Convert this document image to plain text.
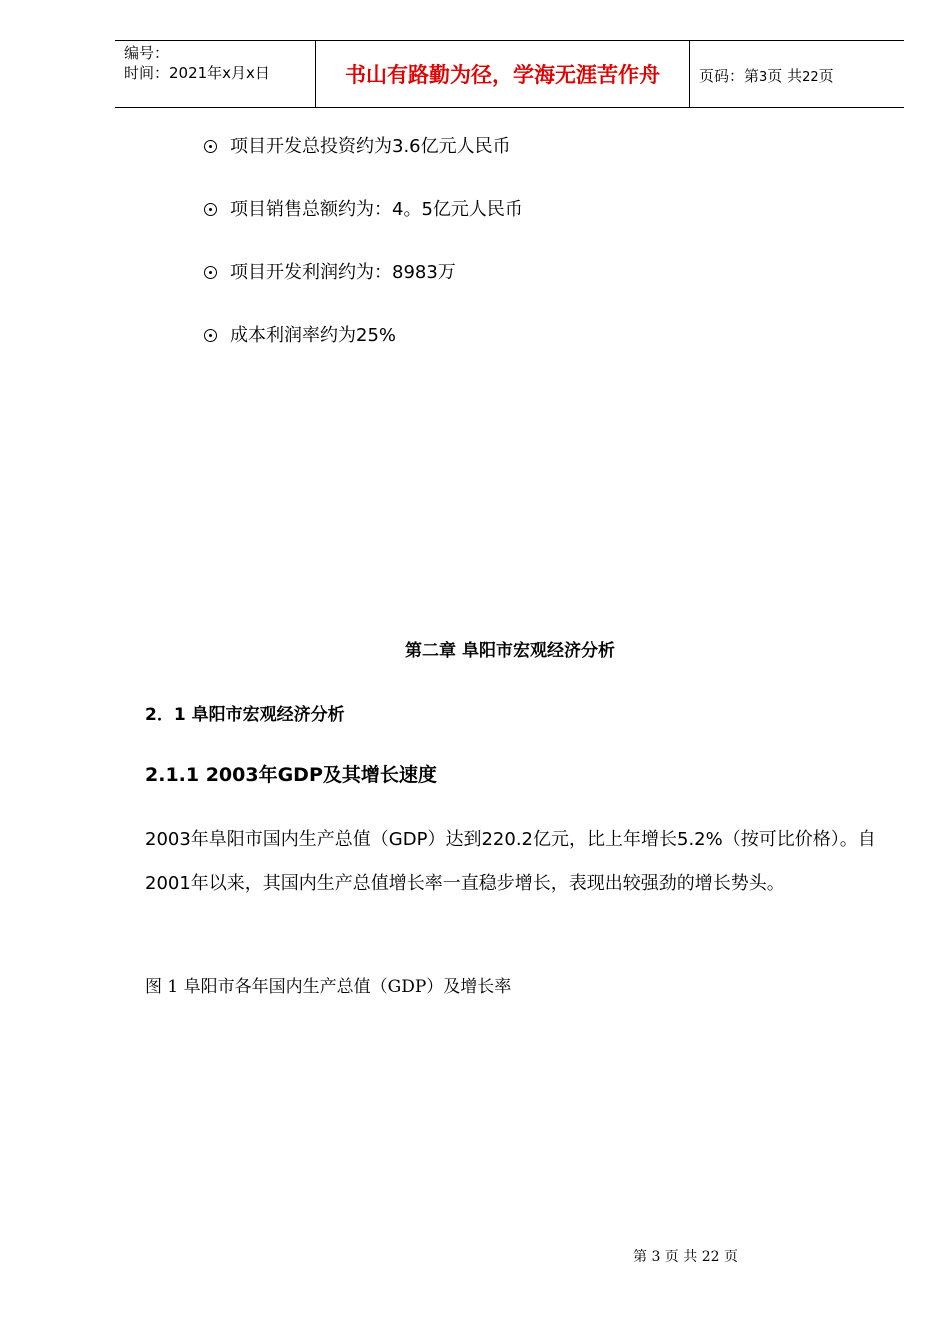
编号：
时间：2021年x月x日	书山有路勤为径，学海无涯苦作舟	页码：第3页 共22页
项目开发总投资约为3.6亿元人民币
项目销售总额约为：4。5亿元人民币
项目开发利润约为：8983万
成本利润率约为25%
第二章 阜阳市宏观经济分析
2．1 阜阳市宏观经济分析
2.1.1 2003年GDP及其增长速度

2003年阜阳市国内生产总值（GDP）达到220.2亿元，比上年增长5.2%（按可比价格）。自2001年以来，其国内生产总值增长率一直稳步增长，表现出较强劲的增长势头。

图 1 阜阳市各年国内生产总值（GDP）及增长率
第 3 页 共 22 页
